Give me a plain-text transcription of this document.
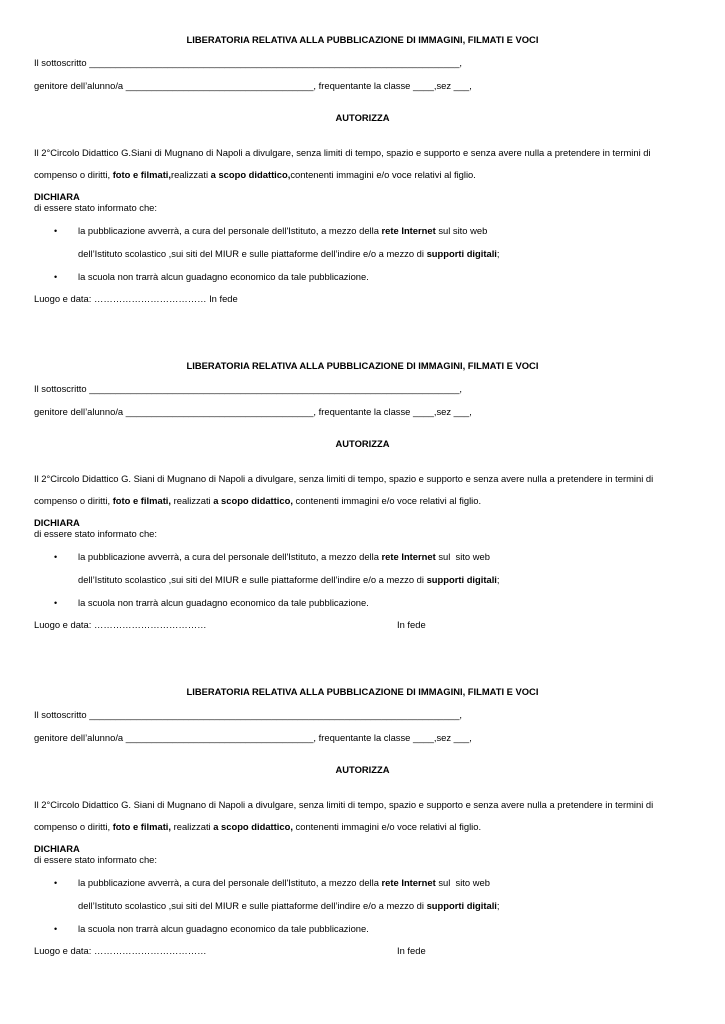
LIBERATORIA RELATIVA ALLA PUBBLICAZIONE DI IMMAGINI, FILMATI E VOCI
Il sottoscritto _______________________________________________________________________,
genitore dell’alunno/a ____________________________________, frequentante la classe ____,sez ___,
AUTORIZZA
Il 2°Circolo Didattico G.Siani di Mugnano di Napoli a divulgare, senza limiti di tempo, spazio e supporto e senza avere nulla a pretendere in termini di
compenso o diritti, foto e filmati,realizzati a scopo didattico,contenenti immagini e/o voce relativi al figlio.
DICHIARA
di essere stato informato che:
• la pubblicazione avverrà, a cura del personale dell'Istituto, a mezzo della rete Internet sul sito web
dell’Istituto scolastico ,sui siti del MIUR e sulle piattaforme dell’indire e/o a mezzo di supporti digitali;
• la scuola non trarrà alcun guadagno economico da tale pubblicazione.
Luogo e data: ……………………………… In fede
LIBERATORIA RELATIVA ALLA PUBBLICAZIONE DI IMMAGINI, FILMATI E VOCI
Il sottoscritto _______________________________________________________________________,
genitore dell’alunno/a ____________________________________, frequentante la classe ____,sez ___,
AUTORIZZA
Il 2°Circolo Didattico G. Siani di Mugnano di Napoli a divulgare, senza limiti di tempo, spazio e supporto e senza avere nulla a pretendere in termini di
compenso o diritti, foto e filmati, realizzati a scopo didattico, contenenti immagini e/o voce relativi al figlio.
DICHIARA
di essere stato informato che:
• la pubblicazione avverrà, a cura del personale dell'Istituto, a mezzo della rete Internet sul  sito web
dell’Istituto scolastico ,sui siti del MIUR e sulle piattaforme dell’indire e/o a mezzo di supporti digitali;
• la scuola non trarrà alcun guadagno economico da tale pubblicazione.
Luogo e data: ………………………………	In fede
LIBERATORIA RELATIVA ALLA PUBBLICAZIONE DI IMMAGINI, FILMATI E VOCI
Il sottoscritto _______________________________________________________________________,
genitore dell’alunno/a ____________________________________, frequentante la classe ____,sez ___,
AUTORIZZA
Il 2°Circolo Didattico G. Siani di Mugnano di Napoli a divulgare, senza limiti di tempo, spazio e supporto e senza avere nulla a pretendere in termini di
compenso o diritti, foto e filmati, realizzati a scopo didattico, contenenti immagini e/o voce relativi al figlio.
DICHIARA
di essere stato informato che:
• la pubblicazione avverrà, a cura del personale dell'Istituto, a mezzo della rete Internet sul  sito web
dell’Istituto scolastico ,sui siti del MIUR e sulle piattaforme dell’indire e/o a mezzo di supporti digitali;
• la scuola non trarrà alcun guadagno economico da tale pubblicazione.
Luogo e data: ………………………………	In fede
